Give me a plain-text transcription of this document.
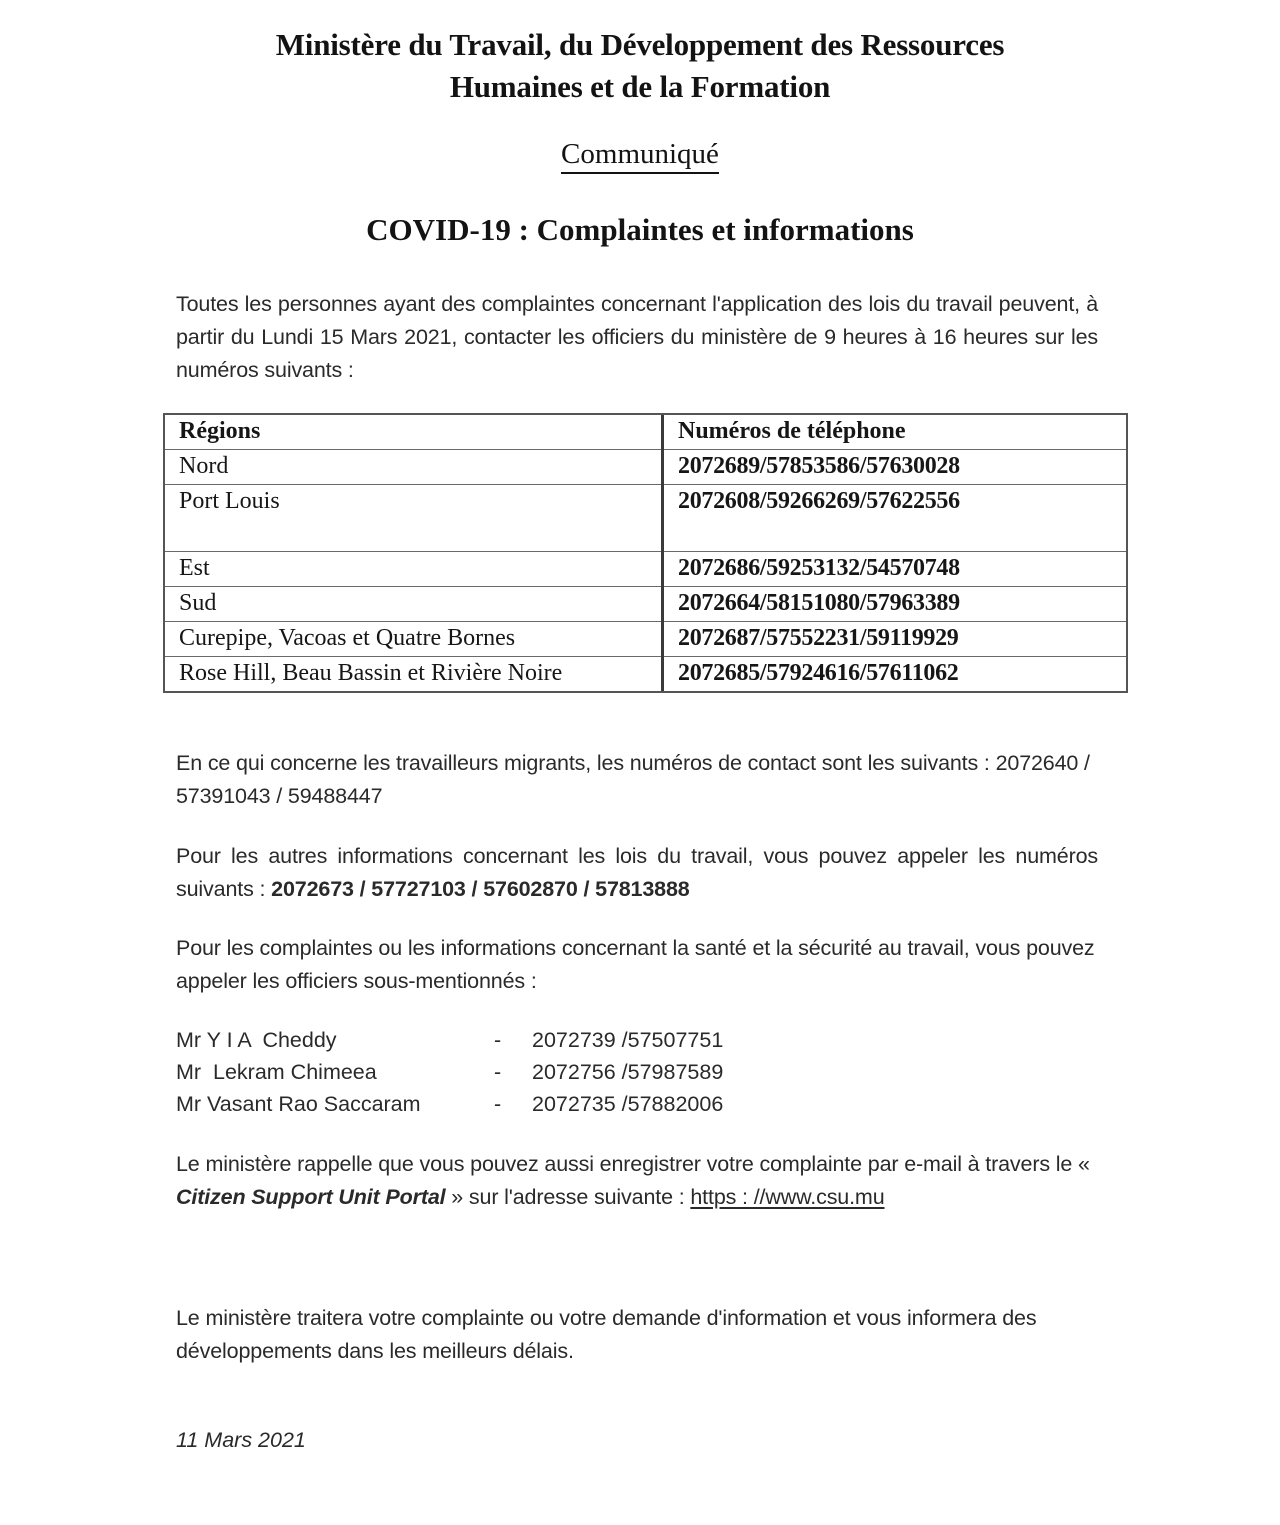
Ministère du Travail, du Développement des Ressources
Humaines et de la Formation
Communiqué
COVID-19 : Complaintes et informations
Toutes les personnes ayant des complaintes concernant l'application des lois du travail peuvent, à partir du Lundi 15 Mars 2021, contacter les officiers du ministère de 9 heures à 16 heures sur les numéros suivants :
Régions	Numéros de téléphone
Nord	2072689/57853586/57630028
Port Louis	2072608/59266269/57622556
Est	2072686/59253132/54570748
Sud	2072664/58151080/57963389
Curepipe, Vacoas et Quatre Bornes	2072687/57552231/59119929
Rose Hill, Beau Bassin et Rivière Noire	2072685/57924616/57611062
En ce qui concerne les travailleurs migrants, les numéros de contact sont les suivants : 2072640 / 57391043 / 59488447
Pour les autres informations concernant les lois du travail, vous pouvez appeler les numéros suivants : 2072673 / 57727103 / 57602870 / 57813888
Pour les complaintes ou les informations concernant la santé et la sécurité au travail, vous pouvez appeler les officiers sous-mentionnés :
Mr Y I A  Cheddy	- 2072739 /57507751
Mr  Lekram Chimeea	- 2072756 /57987589
Mr Vasant Rao Saccaram	- 2072735 /57882006
Le ministère rappelle que vous pouvez aussi enregistrer votre complainte par e-mail à travers le « Citizen Support Unit Portal » sur l'adresse suivante : https : //www.csu.mu
Le ministère traitera votre complainte ou votre demande d'information et vous informera des développements dans les meilleurs délais.
11 Mars 2021
